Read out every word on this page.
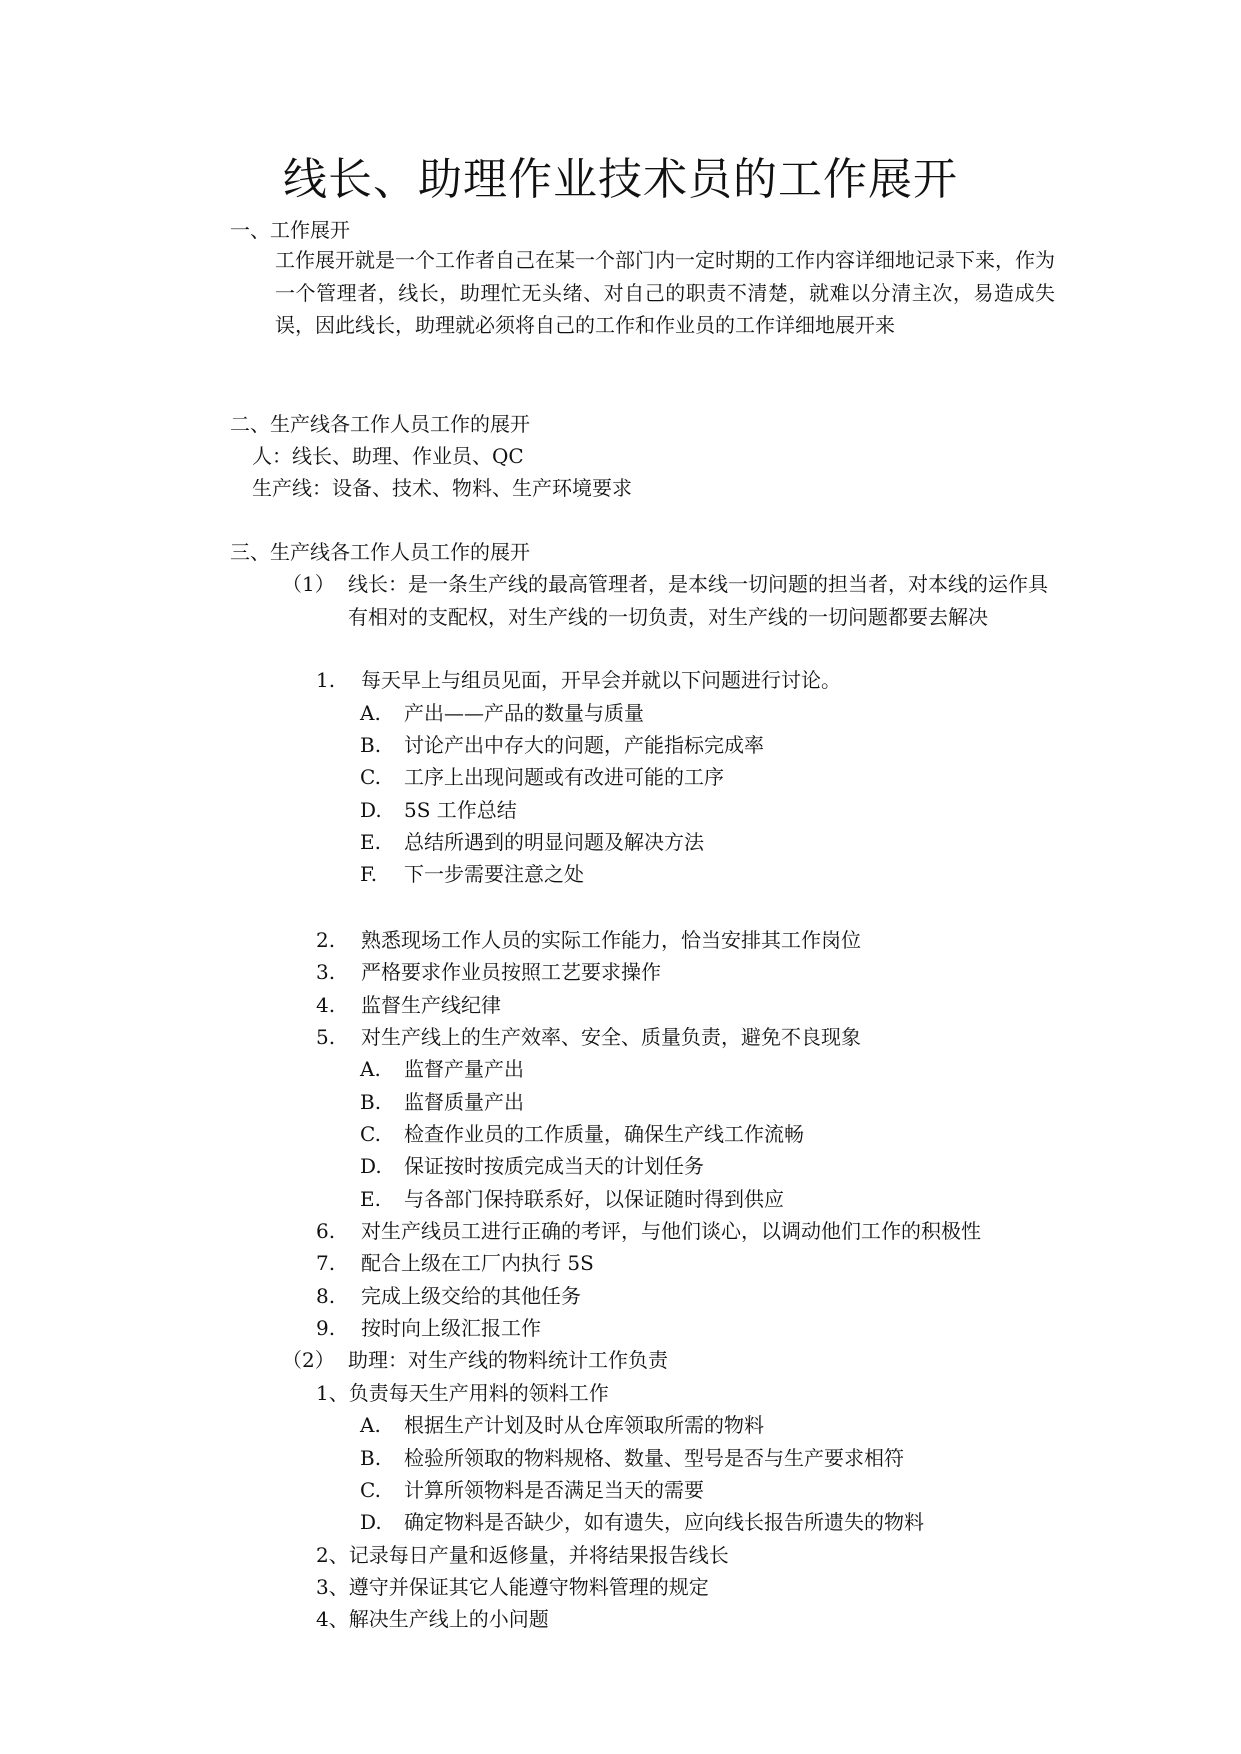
线长、助理作业技术员的工作展开
一、工作展开
工作展开就是一个工作者自己在某一个部门内一定时期的工作内容详细地记录下来，作为一个管理者，线长，助理忙无头绪、对自己的职责不清楚，就难以分清主次，易造成失误，因此线长，助理就必须将自己的工作和作业员的工作详细地展开来
二、生产线各工作人员工作的展开
人：线长、助理、作业员、QC
生产线：设备、技术、物料、生产环境要求
三、生产线各工作人员工作的展开
（1） 线长：是一条生产线的最高管理者，是本线一切问题的担当者，对本线的运作具有相对的支配权，对生产线的一切负责，对生产线的一切问题都要去解决
1. 每天早上与组员见面，开早会并就以下问题进行讨论。
A. 产出——产品的数量与质量
B. 讨论产出中存大的问题，产能指标完成率
C. 工序上出现问题或有改进可能的工序
D. 5S 工作总结
E. 总结所遇到的明显问题及解决方法
F. 下一步需要注意之处
2. 熟悉现场工作人员的实际工作能力，恰当安排其工作岗位
3. 严格要求作业员按照工艺要求操作
4. 监督生产线纪律
5. 对生产线上的生产效率、安全、质量负责，避免不良现象
A. 监督产量产出
B. 监督质量产出
C. 检查作业员的工作质量，确保生产线工作流畅
D. 保证按时按质完成当天的计划任务
E. 与各部门保持联系好，以保证随时得到供应
6. 对生产线员工进行正确的考评，与他们谈心，以调动他们工作的积极性
7. 配合上级在工厂内执行 5S
8. 完成上级交给的其他任务
9. 按时向上级汇报工作
（2） 助理：对生产线的物料统计工作负责
1、负责每天生产用料的领料工作
A. 根据生产计划及时从仓库领取所需的物料
B. 检验所领取的物料规格、数量、型号是否与生产要求相符
C. 计算所领物料是否满足当天的需要
D. 确定物料是否缺少，如有遗失，应向线长报告所遗失的物料
2、记录每日产量和返修量，并将结果报告线长
3、遵守并保证其它人能遵守物料管理的规定
4、解决生产线上的小问题
